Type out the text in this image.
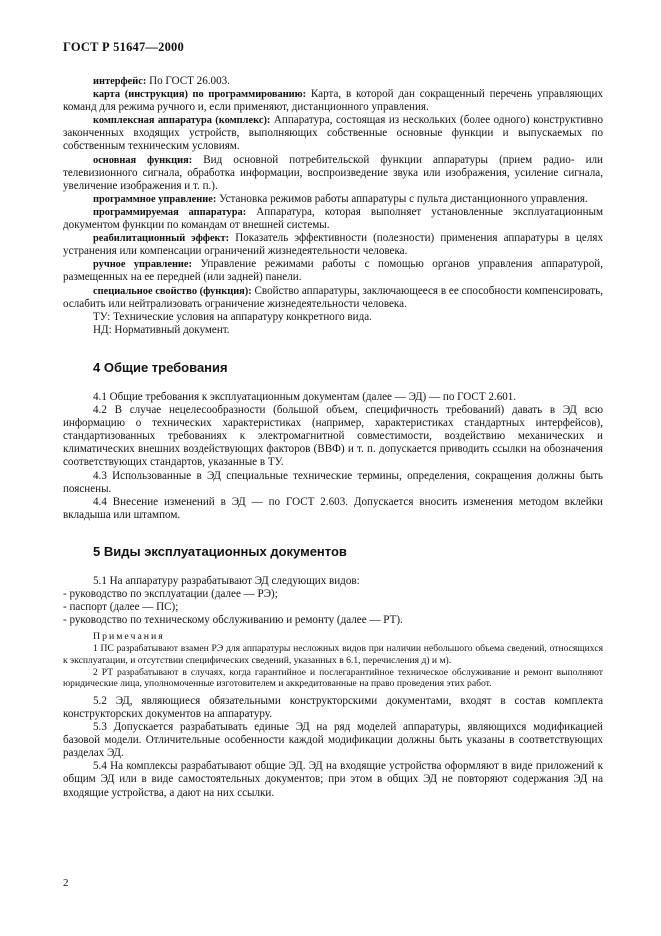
ГОСТ Р 51647—2000

интерфейс: По ГОСТ 26.003.

карта (инструкция) по программированию: Карта, в которой дан сокращенный перечень управляющих команд для режима ручного и, если применяют, дистанционного управления.

комплексная аппаратура (комплекс): Аппаратура, состоящая из нескольких (более одного) конструктивно законченных входящих устройств, выполняющих собственные основные функции и выпускаемых по собственным техническим условиям.

основная функция: Вид основной потребительской функции аппаратуры (прием радио- или телевизионного сигнала, обработка информации, воспроизведение звука или изображения, усиление сигнала, увеличение изображения и т. п.).

программное управление: Установка режимов работы аппаратуры с пульта дистанционного управления.

программируемая аппаратура: Аппаратура, которая выполняет установленные эксплуатационным документом функции по командам от внешней системы.

реабилитационный эффект: Показатель эффективности (полезности) применения аппаратуры в целях устранения или компенсации ограничений жизнедеятельности человека.

ручное управление: Управление режимами работы с помощью органов управления аппаратурой, размещенных на ее передней (или задней) панели.

специальное свойство (функция): Свойство аппаратуры, заключающееся в ее способности компенсировать, ослабить или нейтрализовать ограничение жизнедеятельности человека.

ТУ: Технические условия на аппаратуру конкретного вида.

НД: Нормативный документ.

4 Общие требования

4.1 Общие требования к эксплуатационным документам (далее — ЭД) — по ГОСТ 2.601.

4.2 В случае нецелесообразности (большой объем, специфичность требований) давать в ЭД всю информацию о технических характеристиках (например, характеристиках стандартных интерфейсов), стандартизованных требованиях к электромагнитной совместимости, воздействию механических и климатических внешних воздействующих факторов (ВВФ) и т. п. допускается приводить ссылки на обозначения соответствующих стандартов, указанные в ТУ.

4.3 Использованные в ЭД специальные технические термины, определения, сокращения должны быть пояснены.

4.4 Внесение изменений в ЭД — по ГОСТ 2.603. Допускается вносить изменения методом вклейки вкладыша или штампом.

5 Виды эксплуатационных документов

5.1 На аппаратуру разрабатывают ЭД следующих видов:

- руководство по эксплуатации (далее — РЭ);

- паспорт (далее — ПС);

- руководство по техническому обслуживанию и ремонту (далее — РТ).

Примечания

1 ПС разрабатывают взамен РЭ для аппаратуры несложных видов при наличии небольшого объема сведений, относящихся к эксплуатации, и отсутствии специфических сведений, указанных в 6.1, перечисления д) и м).

2 РТ разрабатывают в случаях, когда гарантийное и послегарантийное техническое обслуживание и ремонт выполняют юридические лица, уполномоченные изготовителем и аккредитованные на право проведения этих работ.

5.2 ЭД, являющиеся обязательными конструкторскими документами, входят в состав комплекта конструкторских документов на аппаратуру.

5.3 Допускается разрабатывать единые ЭД на ряд моделей аппаратуры, являющихся модификацией базовой модели. Отличительные особенности каждой модификации должны быть указаны в соответствующих разделах ЭД.

5.4 На комплексы разрабатывают общие ЭД. ЭД на входящие устройства оформляют в виде приложений к общим ЭД или в виде самостоятельных документов; при этом в общих ЭД не повторяют содержания ЭД на входящие устройства, а дают на них ссылки.

2
